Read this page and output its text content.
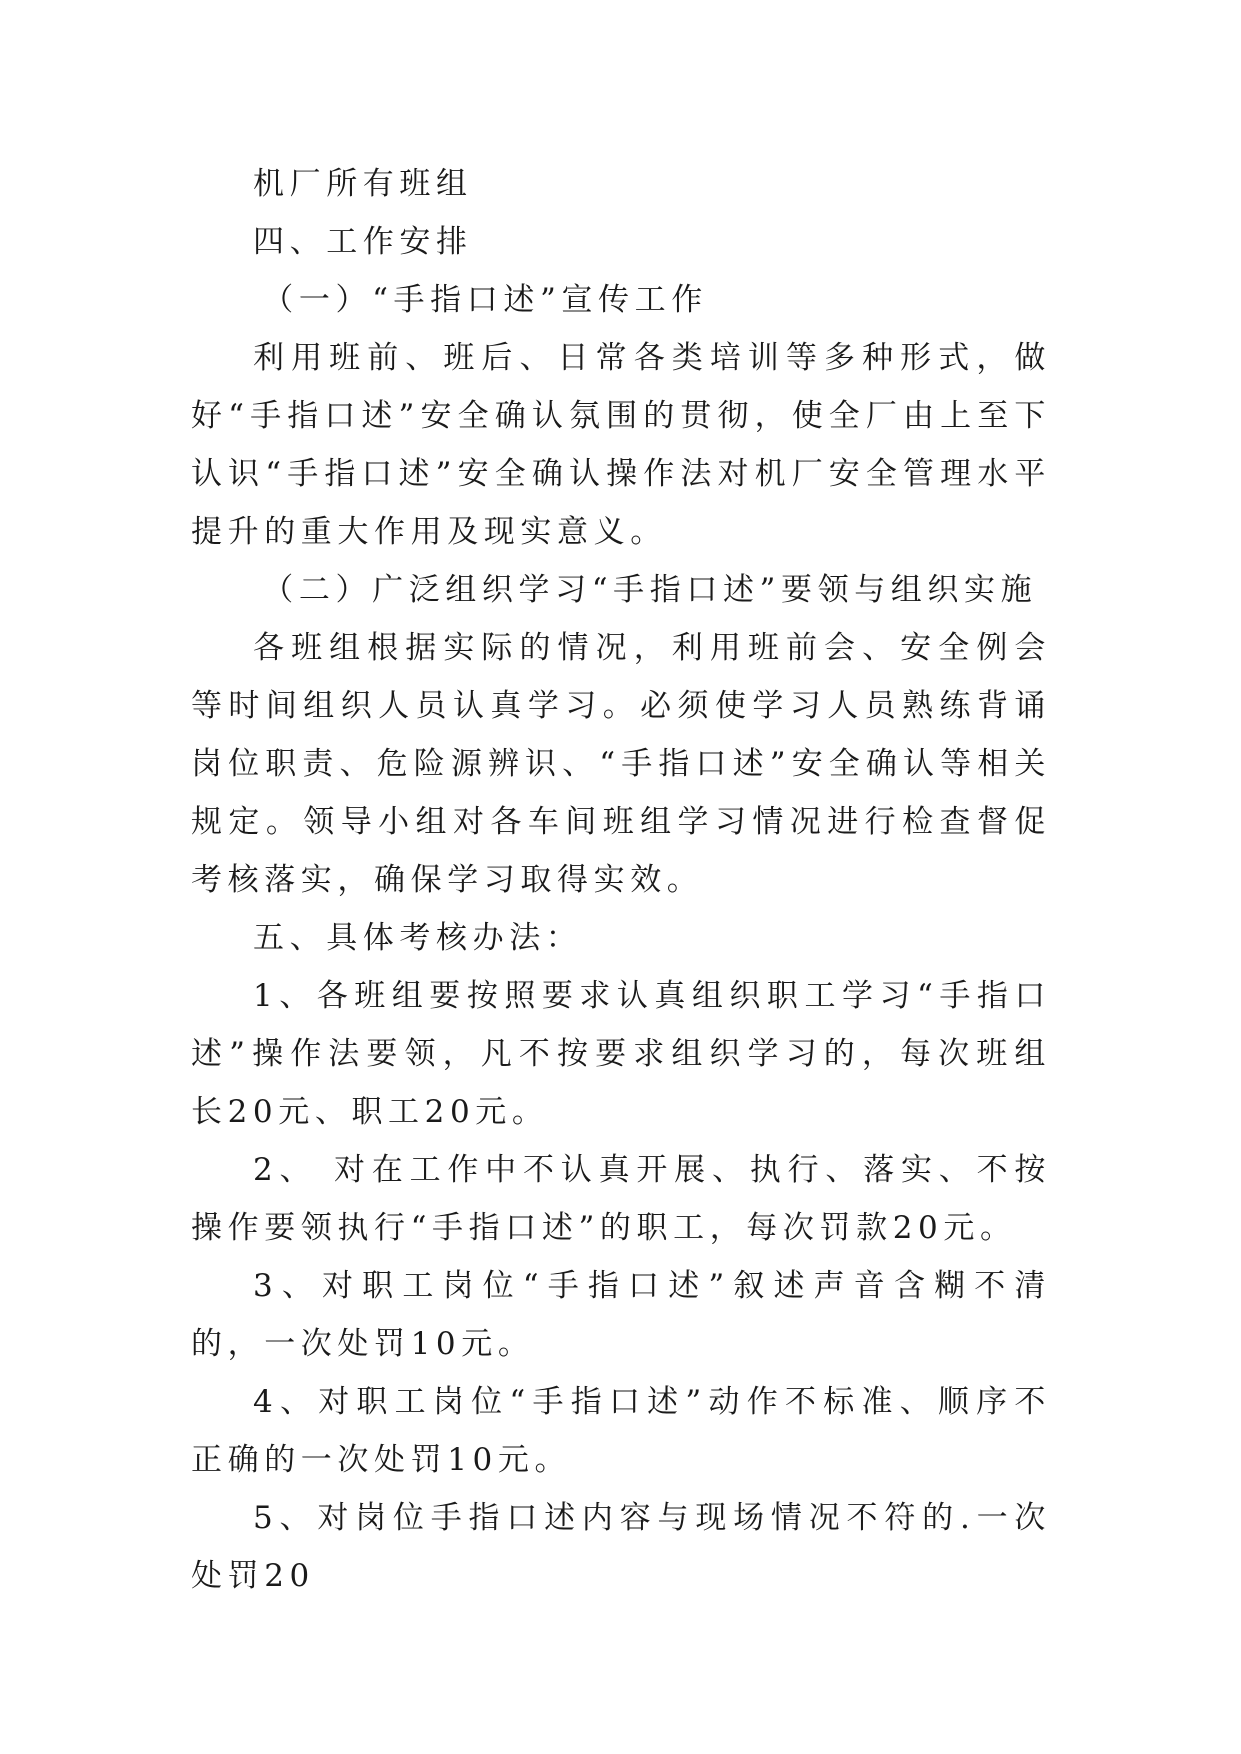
机厂所有班组

四、工作安排

（一）“手指口述”宣传工作

利用班前、班后、日常各类培训等多种形式，做好“手指口述”安全确认氛围的贯彻，使全厂由上至下认识“手指口述”安全确认操作法对机厂安全管理水平提升的重大作用及现实意义。

（二）广泛组织学习“手指口述”要领与组织实施

各班组根据实际的情况，利用班前会、安全例会等时间组织人员认真学习。必须使学习人员熟练背诵岗位职责、危险源辨识、“手指口述”安全确认等相关规定。领导小组对各车间班组学习情况进行检查督促考核落实，确保学习取得实效。

五、具体考核办法：

1、各班组要按照要求认真组织职工学习“手指口述”操作法要领，凡不按要求组织学习的，每次班组长20元、职工20元。

2、 对在工作中不认真开展、执行、落实、不按操作要领执行“手指口述”的职工，每次罚款20元。

3、对职工岗位“手指口述”叙述声音含糊不清的，一次处罚10元。

4、对职工岗位“手指口述”动作不标准、顺序不正确的一次处罚10元。

5、对岗位手指口述内容与现场情况不符的.一次处罚20
